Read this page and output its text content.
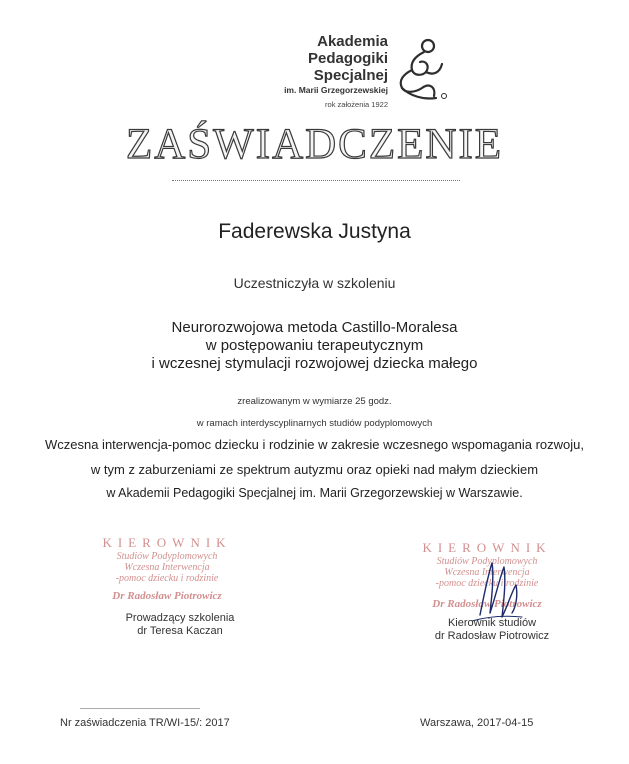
Akademia
Pedagogiki
Specjalnej
im. Marii Grzegorzewskiej
rok założenia 1922
ZAŚWIADCZENIE
Faderewska Justyna
Uczestniczyła w szkoleniu
Neurorozwojowa metoda Castillo-Moralesa
w postępowaniu terapeutycznym
i wczesnej stymulacji rozwojowej dziecka małego
zrealizowanym w wymiarze 25 godz.
w ramach interdyscyplinarnych studiów podyplomowych
Wczesna interwencja-pomoc dziecku i rodzinie w zakresie wczesnego wspomagania rozwoju,
w tym z zaburzeniami ze spektrum autyzmu oraz opieki nad małym dzieckiem
w Akademii Pedagogiki Specjalnej im. Marii Grzegorzewskiej w Warszawie.
KIEROWNIK
Studiów Podyplomowych
Wczesna Interwencja
-pomoc dziecku i rodzinie
Dr Radosław Piotrowicz
Prowadzący szkolenia
dr Teresa Kaczan
KIEROWNIK
Studiów Podyplomowych
Wczesna Interwencja
-pomoc dziecku i rodzinie
Dr Radosław Piotrowicz
Kierownik studiów
dr Radosław Piotrowicz
Nr zaświadczenia TR/WI-15/: 2017	Warszawa, 2017-04-15
